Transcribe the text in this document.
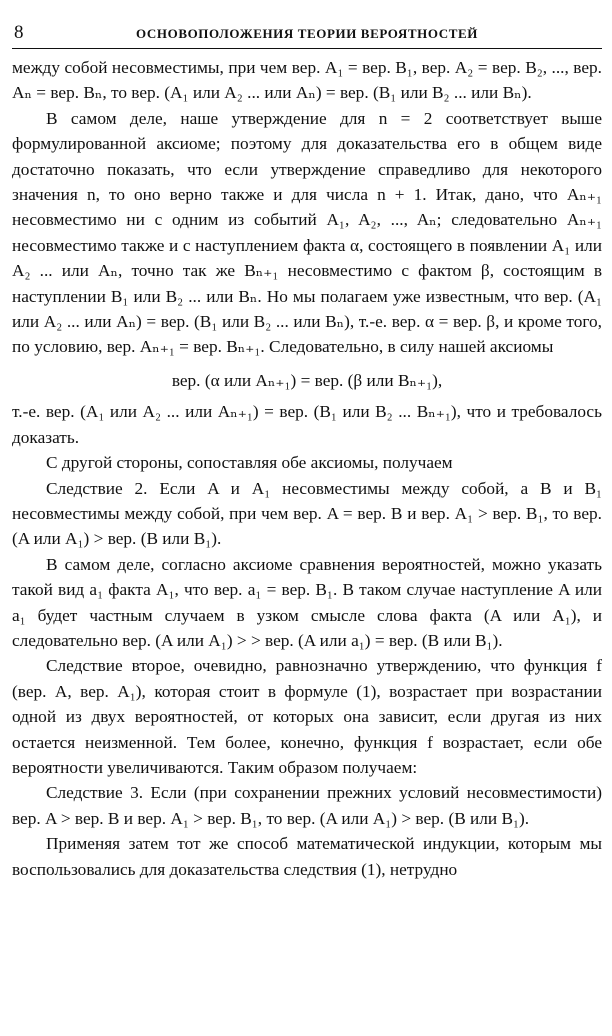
8	ОСНОВОПОЛОЖЕНИЯ ТЕОРИИ ВЕРОЯТНОСТЕЙ

между собой несовместимы, при чем вер. A₁ = вер. B₁, вер. A₂ = вер. B₂, ..., вер. Aₙ = вер. Bₙ, то вер. (A₁ или A₂ ... или Aₙ) = вер. (B₁ или B₂ ... или Bₙ).

В самом деле, наше утверждение для n = 2 соответствует выше формулированной аксиоме; поэтому для доказательства его в общем виде достаточно показать, что если утверждение справедливо для некоторого значения n, то оно верно также и для числа n + 1. Итак, дано, что Aₙ₊₁ несовместимо ни с одним из событий A₁, A₂, ..., Aₙ; следовательно Aₙ₊₁ несовместимо также и с наступлением факта α, состоящего в появлении A₁ или A₂ ... или Aₙ, точно так же Bₙ₊₁ несовместимо с фактом β, состоящим в наступлении B₁ или B₂ ... или Bₙ. Но мы полагаем уже известным, что вер. (A₁ или A₂ ... или Aₙ) = вер. (B₁ или B₂ ... или Bₙ), т.-е. вер. α = вер. β, и кроме того, по условию, вер. Aₙ₊₁ = вер. Bₙ₊₁. Следовательно, в силу нашей аксиомы

вер. (α или Aₙ₊₁) = вер. (β или Bₙ₊₁),

т.-е. вер. (A₁ или A₂ ... или Aₙ₊₁) = вер. (B₁ или B₂ ... Bₙ₊₁), что и требовалось доказать.

С другой стороны, сопоставляя обе аксиомы, получаем

Следствие 2. Если A и A₁ несовместимы между собой, а B и B₁ несовместимы между собой, при чем вер. A = вер. B и вер. A₁ > вер. B₁, то вер. (A или A₁) > вер. (B или B₁).

В самом деле, согласно аксиоме сравнения вероятностей, можно указать такой вид a₁ факта A₁, что вер. a₁ = вер. B₁. В таком случае наступление A или a₁ будет частным случаем в узком смысле слова факта (A или A₁), и следовательно вер. (A или A₁) > > вер. (A или a₁) = вер. (B или B₁).

Следствие второе, очевидно, равнозначно утверждению, что функция f (вер. A, вер. A₁), которая стоит в формуле (1), возрастает при возрастании одной из двух вероятностей, от которых она зависит, если другая из них остается неизменной. Тем более, конечно, функция f возрастает, если обе вероятности увеличиваются. Таким образом получаем:

Следствие 3. Если (при сохранении прежних условий несовместимости) вер. A > вер. B и вер. A₁ > вер. B₁, то вер. (A или A₁) > вер. (B или B₁).

Применяя затем тот же способ математической индукции, которым мы воспользовались для доказательства следствия (1), нетрудно
